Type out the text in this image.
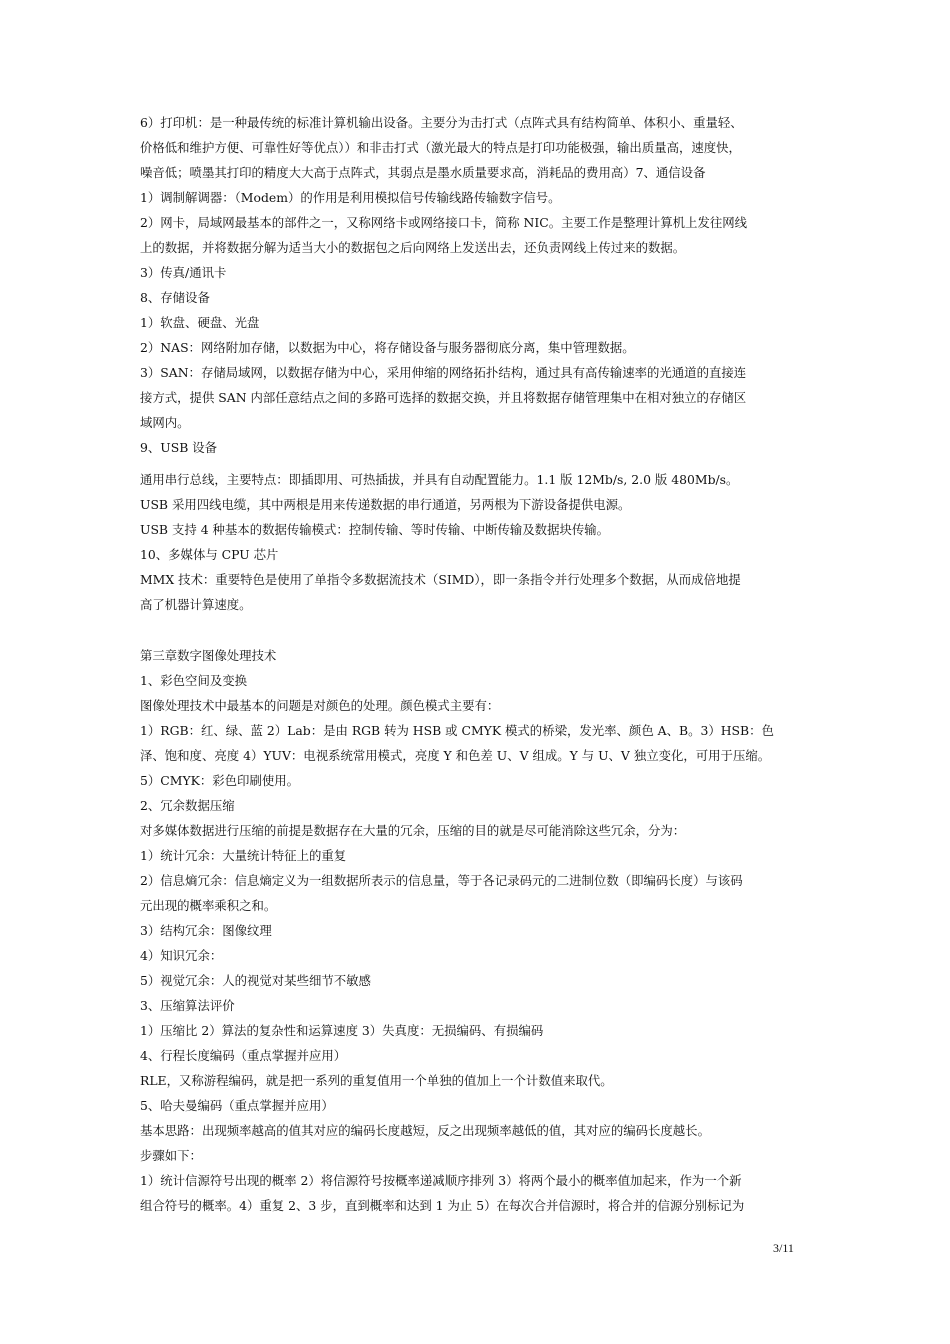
6）打印机：是一种最传统的标准计算机输出设备。主要分为击打式（点阵式具有结构简单、体积小、重量轻、
价格低和维护方便、可靠性好等优点））和非击打式（激光最大的特点是打印功能极强，输出质量高，速度快，
噪音低；喷墨其打印的精度大大高于点阵式，其弱点是墨水质量要求高，消耗品的费用高）7、通信设备
1）调制解调器：（Modem）的作用是利用模拟信号传输线路传输数字信号。
2）网卡，局域网最基本的部件之一，又称网络卡或网络接口卡，简称 NIC。主要工作是整理计算机上发往网线
上的数据，并将数据分解为适当大小的数据包之后向网络上发送出去，还负责网线上传过来的数据。
3）传真/通讯卡
8、存储设备
1）软盘、硬盘、光盘
2）NAS：网络附加存储，以数据为中心，将存储设备与服务器彻底分离，集中管理数据。
3）SAN：存储局域网，以数据存储为中心，采用伸缩的网络拓扑结构，通过具有高传输速率的光通道的直接连
接方式，提供 SAN 内部任意结点之间的多路可选择的数据交换，并且将数据存储管理集中在相对独立的存储区
域网内。
9、USB 设备
通用串行总线，主要特点：即插即用、可热插拔，并具有自动配置能力。1.1 版 12Mb/s, 2.0 版 480Mb/s。
USB 采用四线电缆，其中两根是用来传递数据的串行通道，另两根为下游设备提供电源。
USB 支持 4 种基本的数据传输模式：控制传输、等时传输、中断传输及数据块传输。
10、多媒体与 CPU 芯片
MMX 技术：重要特色是使用了单指令多数据流技术（SIMD），即一条指令并行处理多个数据，从而成倍地提
高了机器计算速度。
第三章数字图像处理技术
1、彩色空间及变换
图像处理技术中最基本的问题是对颜色的处理。颜色模式主要有：
1）RGB：红、绿、蓝 2）Lab：是由 RGB 转为 HSB 或 CMYK 模式的桥梁，发光率、颜色 A、B。3）HSB：色
泽、饱和度、亮度 4）YUV：电视系统常用模式，亮度 Y 和色差 U、V 组成。Y 与 U、V 独立变化，可用于压缩。
5）CMYK：彩色印刷使用。
2、冗余数据压缩
对多媒体数据进行压缩的前提是数据存在大量的冗余，压缩的目的就是尽可能消除这些冗余，分为：
1）统计冗余：大量统计特征上的重复
2）信息熵冗余：信息熵定义为一组数据所表示的信息量，等于各记录码元的二进制位数（即编码长度）与该码
元出现的概率乘积之和。
3）结构冗余：图像纹理
4）知识冗余：
5）视觉冗余：人的视觉对某些细节不敏感
3、压缩算法评价
1）压缩比 2）算法的复杂性和运算速度 3）失真度：无损编码、有损编码
4、行程长度编码（重点掌握并应用）
RLE，又称游程编码，就是把一系列的重复值用一个单独的值加上一个计数值来取代。
5、哈夫曼编码（重点掌握并应用）
基本思路：出现频率越高的值其对应的编码长度越短，反之出现频率越低的值，其对应的编码长度越长。
步骤如下：
1）统计信源符号出现的概率 2）将信源符号按概率递减顺序排列 3）将两个最小的概率值加起来，作为一个新
组合符号的概率。4）重复 2、3 步，直到概率和达到 1 为止 5）在每次合并信源时，将合并的信源分别标记为
3/11
